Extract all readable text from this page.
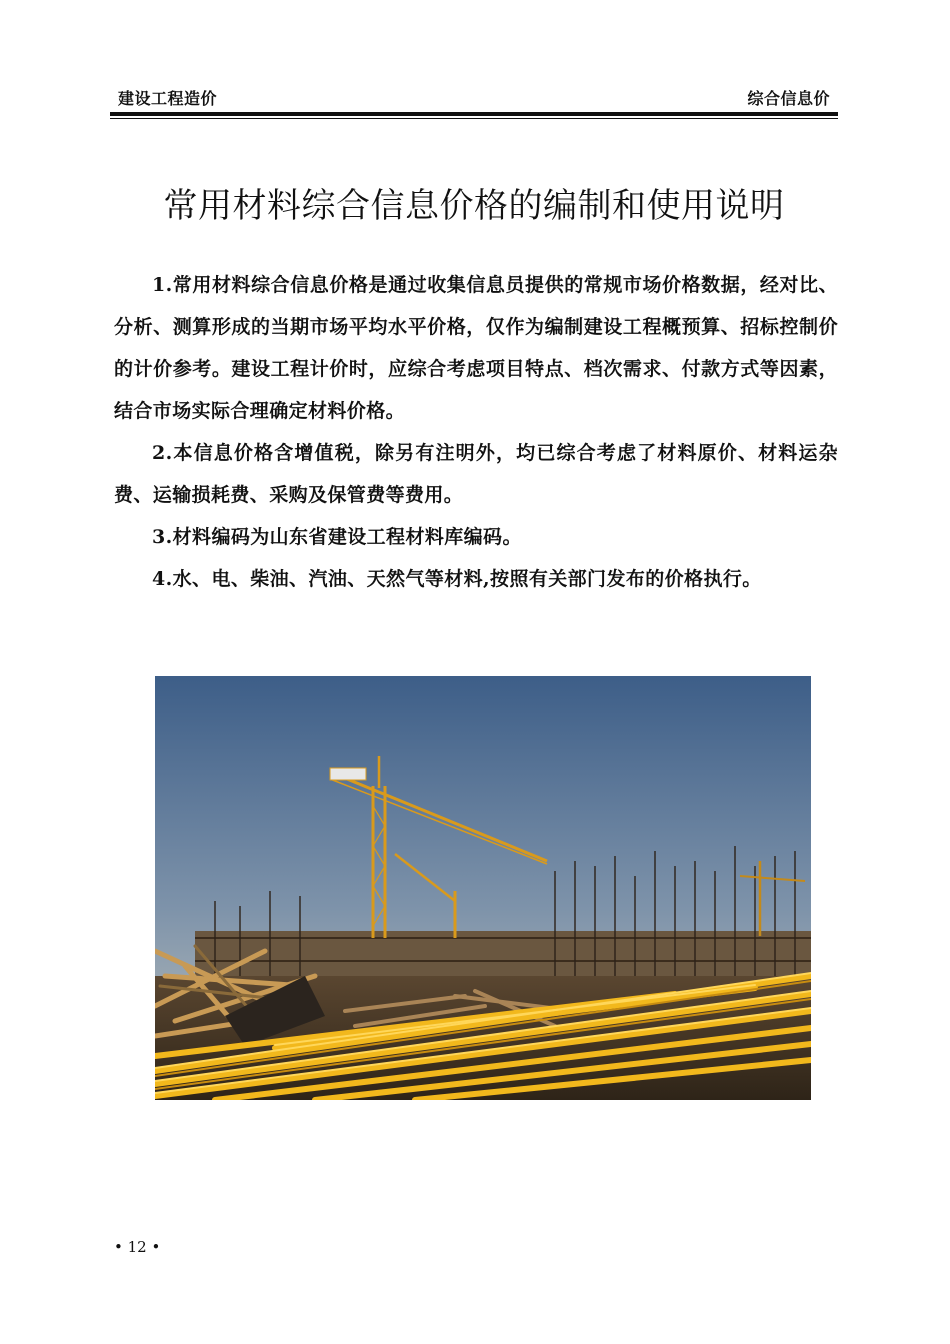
建设工程造价	综合信息价
常用材料综合信息价格的编制和使用说明

1.常用材料综合信息价格是通过收集信息员提供的常规市场价格数据，经对比、分析、测算形成的当期市场平均水平价格，仅作为编制建设工程概预算、招标控制价的计价参考。建设工程计价时，应综合考虑项目特点、档次需求、付款方式等因素，结合市场实际合理确定材料价格。

2.本信息价格含增值税，除另有注明外，均已综合考虑了材料原价、材料运杂费、运输损耗费、采购及保管费等费用。

3.材料编码为山东省建设工程材料库编码。

4.水、电、柴油、汽油、天然气等材料,按照有关部门发布的价格执行。

• 12 •
